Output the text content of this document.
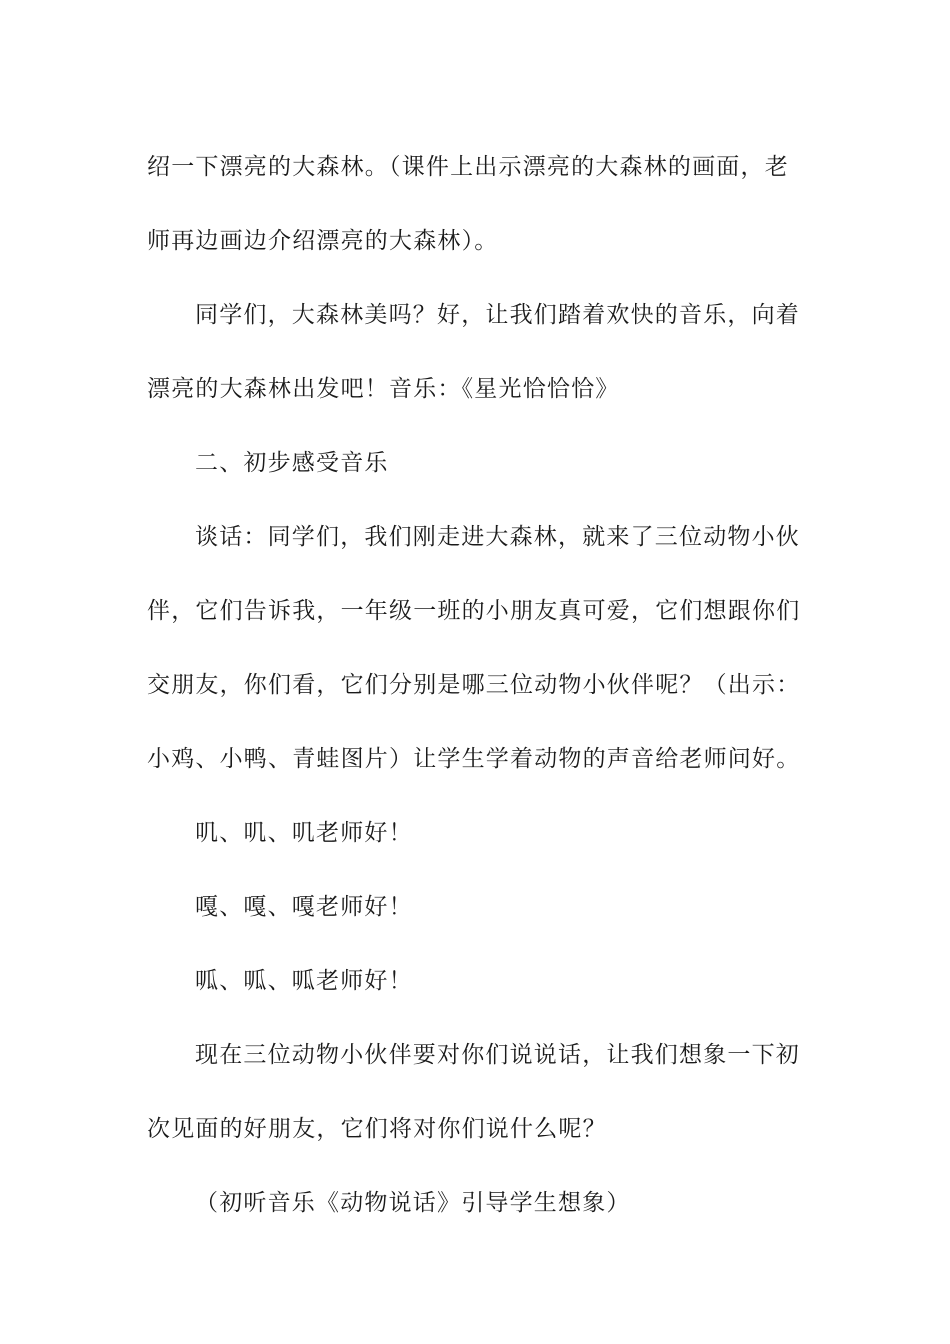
绍一下漂亮的大森林。（课件上出示漂亮的大森林的画面，老

师再边画边介绍漂亮的大森林）。

同学们，大森林美吗？好，让我们踏着欢快的音乐，向着

漂亮的大森林出发吧！音乐：《星光恰恰恰》

二、初步感受音乐

谈话：同学们，我们刚走进大森林，就来了三位动物小伙

伴，它们告诉我，一年级一班的小朋友真可爱，它们想跟你们

交朋友，你们看，它们分别是哪三位动物小伙伴呢？（出示：

小鸡、小鸭、青蛙图片）让学生学着动物的声音给老师问好。

叽、叽、叽老师好！

嘎、嘎、嘎老师好！

呱、呱、呱老师好！

现在三位动物小伙伴要对你们说说话，让我们想象一下初

次见面的好朋友，它们将对你们说什么呢？

（初听音乐《动物说话》引导学生想象）
